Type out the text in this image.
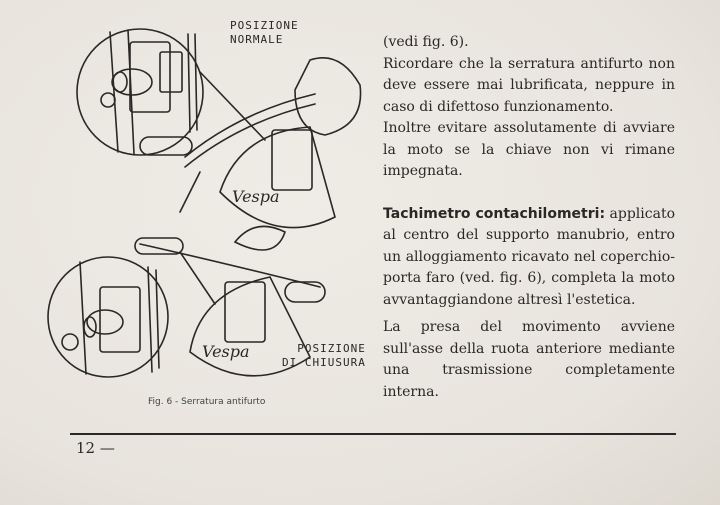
Vespa
Vespa
POSIZIONE
NORMALE
POSIZIONE
DI CHIUSURA
Fig. 6 - Serratura antifurto

(vedi fig. 6).

Ricordare che la serratura antifurto non deve essere mai lubrificata, neppure in caso di difettoso funzionamento.

Inoltre evitare assolutamente di avviare la moto se la chiave non vi rimane impegnata.

Tachimetro contachilometri: applicato al centro del supporto manubrio, entro un alloggiamento ricavato nel coperchio-porta faro (ved. fig. 6), completa la moto avvantaggiandone altresì l'estetica.

La presa del movimento avviene sull'asse della ruota anteriore mediante una trasmissione completamente interna.

12 —
